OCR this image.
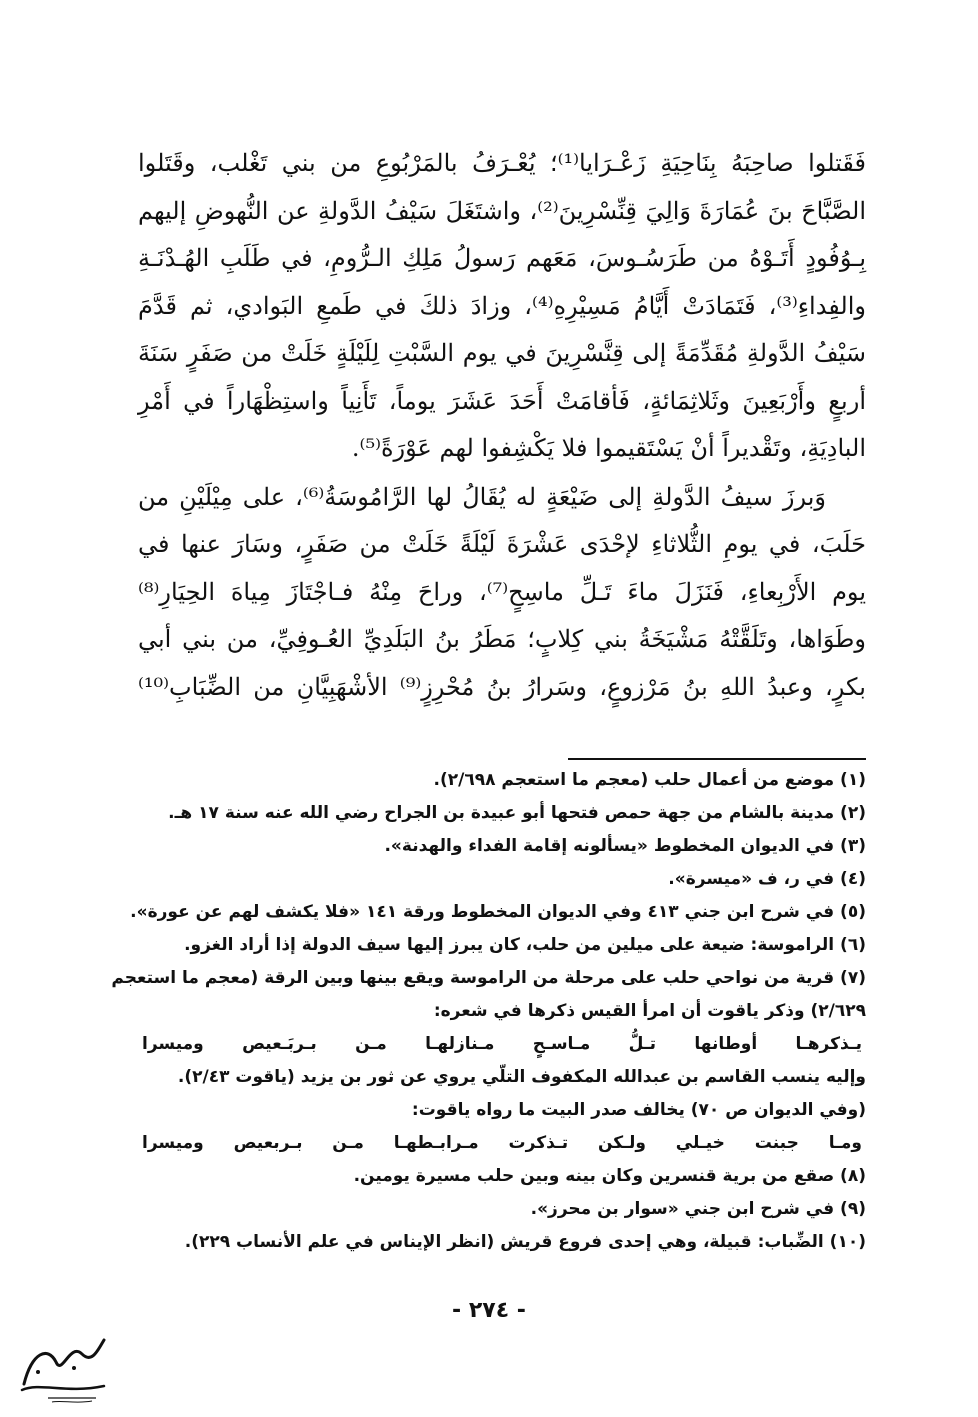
فَقَتلوا صاحِبَهُ بِنَاحِيَةِ زَعْـرَايا⁽¹⁾؛ يُعْـرَفُ بالمَرْبُوعِ من بني تَغْلب، وقَتَلوا
الصَّبَّاحَ بنَ عُمَارَةَ وَالِيَ قِنِّسْرِينَ⁽²⁾، واشتَغَلَ سَيْفُ الدَّولةِ عن النُّهوضِ إليهم
بِـوُفُودٍ أَتَـوْهُ من طَرَسُـوسَ، مَعَهم رَسولُ مَلِكِ الـرُّومِ، في طَلَبِ الهُـدْنَـةِ
والفِداءِ⁽³⁾، فَتَمَادَتْ أَيَّامُ مَسِيْرِهِ⁽⁴⁾، وزادَ ذلكَ في طَمعِ البَوادي، ثم قَدَّمَ
سَيْفُ الدَّولةِ مُقَدِّمَةً إلى قِنَّسْرِينَ في يوم السَّبْتِ لِلَيْلَةٍ خَلَتْ من صَفَرٍ سَنَةَ
أربعٍ وأَرْبَعِينَ وثَلاثِمَائةٍ، فَأقامَتْ أَحَدَ عَشَرَ يوماً، تَأَنِياً واستِظْهَاراً في أَمْرِ
البادِيَةِ، وتَقْديراً أنْ يَسْتَقيموا فلا يَكْشِفوا لهم عَوْرَةً⁽⁵⁾.
وَبرزَ سيفُ الدَّولةِ إلى ضَيْعَةٍ له يُقَالُ لها الرَّامُوسَةُ⁽⁶⁾، على مِيْلَيْنِ من
حَلَبَ، في يومِ الثُّلاثاءِ لإحْدَى عَشْرَةَ لَيْلَةً خَلَتْ من صَفَرٍ، وسَارَ عنها في
يوم الأَرْبِعاءِ، فَنَزَلَ ماءَ تَـلِّ ماسِحٍ⁽⁷⁾، وراحَ مِنْهُ فـاجْتَازَ مِياهَ الحِيَارِ⁽⁸⁾
وطَوَاها، وتَلَقَّتْهُ مَشْيَخَةُ بني كِلابٍ؛ مَطَرُ بنُ البَلَدِيِّ العُـوفِيِّ، من بني أبي
بكرٍ، وعبدُ اللهِ بنُ مَرْزوعٍ، وسَرارُ بنُ مُحْرِزٍ⁽⁹⁾ الأشْهَبِيَّانِ من الضِّبَابِ⁽¹⁰⁾
(١) موضع من أعمال حلب (معجم ما استعجم ٢/٦٩٨).
(٢) مدينة بالشام من جهة حمص فتحها أبو عبيدة بن الجراح رضي الله عنه سنة ١٧ هـ.
(٣) في الديوان المخطوط «يسألونه إقامة الفداء والهدنة».
(٤) في ر، ف «ميسرة».
(٥) في شرح ابن جني ٤١٣ وفي الديوان المخطوط ورقة ١٤١ «فلا يكشف لهم عن عورة».
(٦) الراموسة: ضيعة على ميلين من حلب، كان يبرز إليها سيف الدولة إذا أراد الغزو.
(٧) قرية من نواحي حلب على مرحلة من الراموسة ويقع بينها وبين الرقة (معجم ما استعجم
٢/٦٢٩) وذكر ياقوت أن امرأ القيس ذكرها في شعره:
يـذكرهـا أوطانها تـلُّ مـاسـحٍ مـنازلهـا مـن بـربَـعيص وميسرا
وإليه ينسب القاسم بن عبدالله المكفوف التلّي يروي عن ثور بن يزيد (ياقوت ٢/٤٣).
(وفي الديوان ص ٧٠) يخالف صدر البيت ما رواه ياقوت:
ومـا جبنت خيـلي ولـكن تـذكرت مـرابـطهـا مـن بـربعيص وميسرا
(٨) صقع من برية قنسرين وكان بينه وبين حلب مسيرة يومين.
(٩) في شرح ابن جني «سوار بن محرز».
(١٠) الضِّباب: قبيلة، وهي إحدى فروع قريش (انظر الإيناس في علم الأنساب ٢٢٩).
- ٢٧٤ -
